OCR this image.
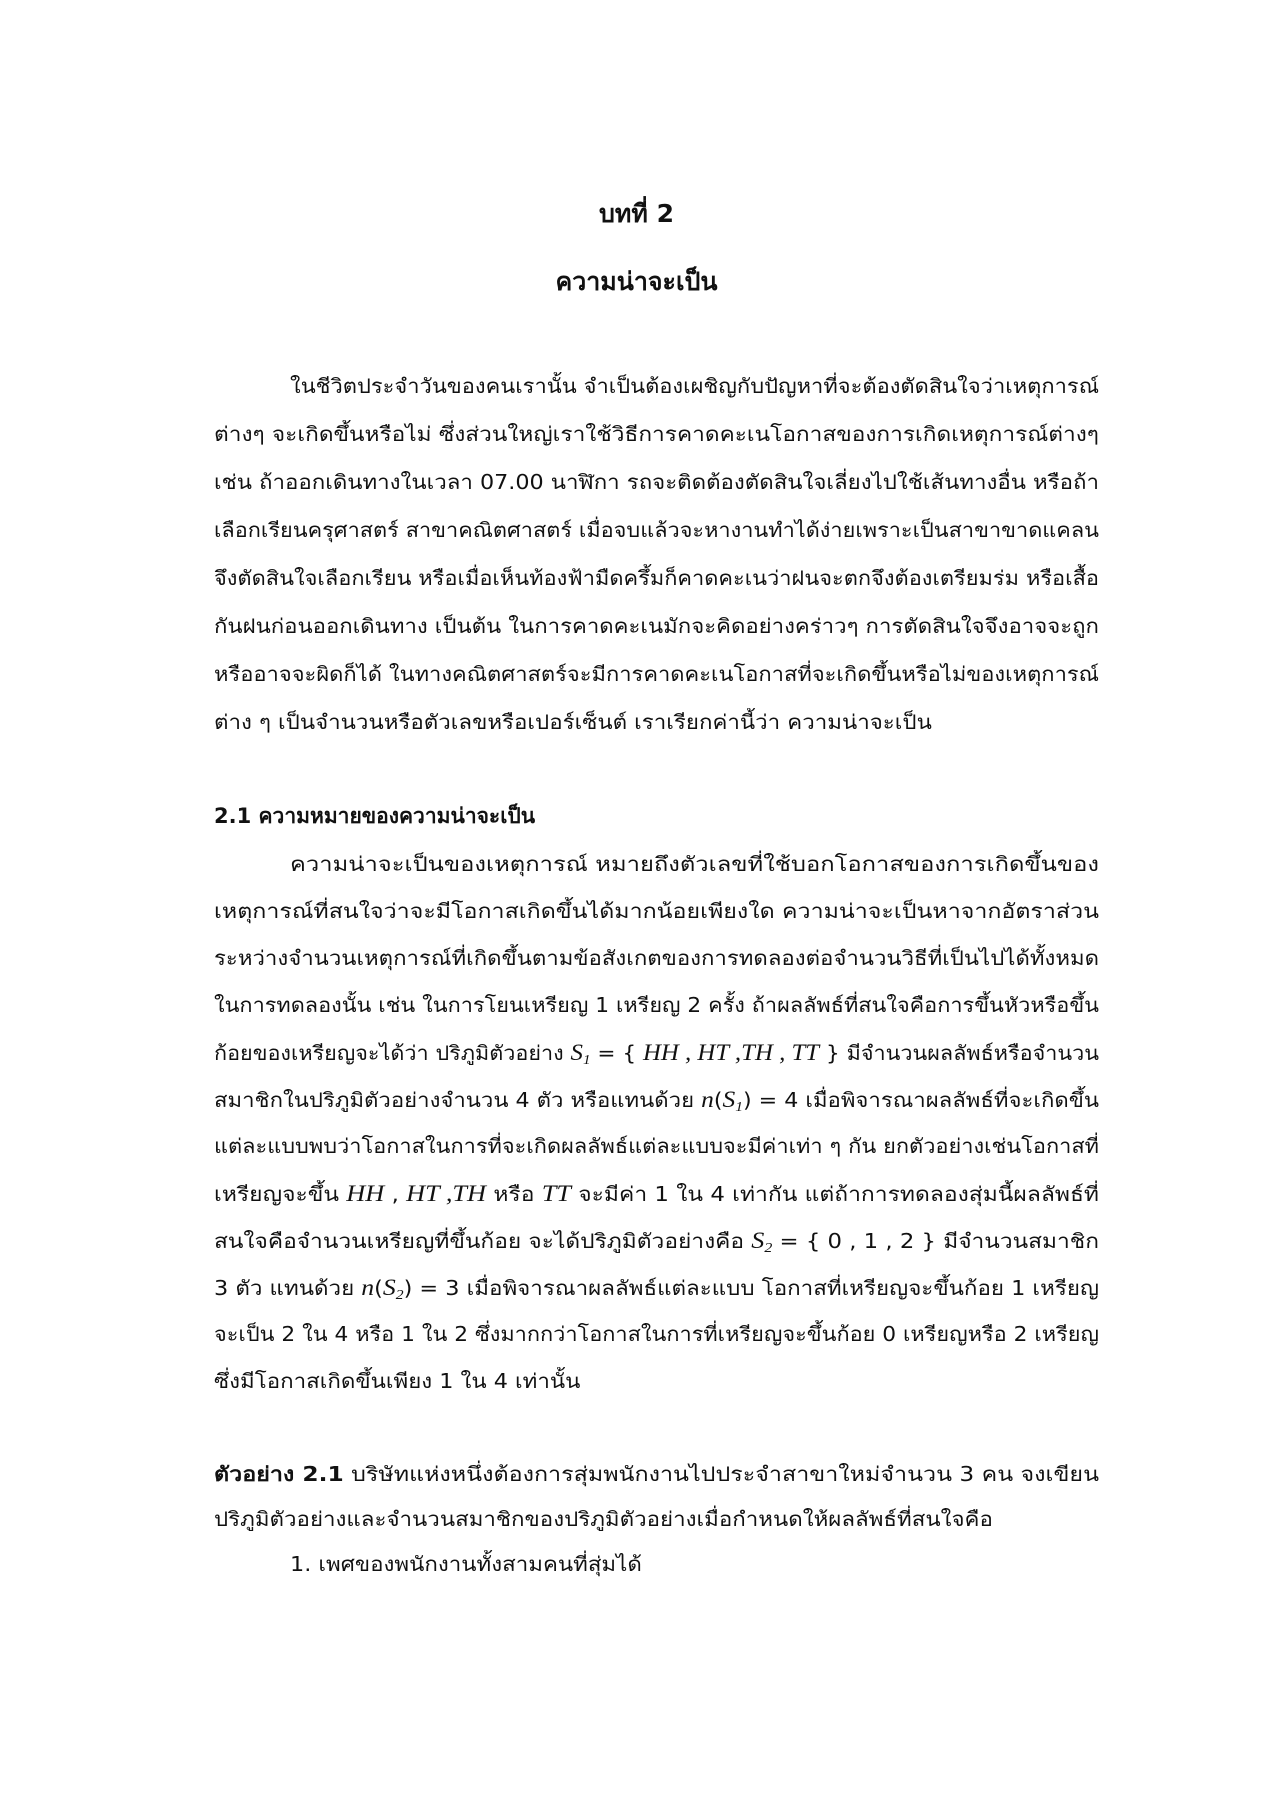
บทที่ 2
ความน่าจะเป็น
ในชีวิตประจำวันของคนเรานั้น จำเป็นต้องเผชิญกับปัญหาที่จะต้องตัดสินใจว่าเหตุการณ์
ต่างๆ จะเกิดขึ้นหรือไม่ ซึ่งส่วนใหญ่เราใช้วิธีการคาดคะเนโอกาสของการเกิดเหตุการณ์ต่างๆ
เช่น ถ้าออกเดินทางในเวลา 07.00 นาฬิกา รถจะติดต้องตัดสินใจเลี่ยงไปใช้เส้นทางอื่น หรือถ้า
เลือกเรียนครุศาสตร์ สาขาคณิตศาสตร์ เมื่อจบแล้วจะหางานทำได้ง่ายเพราะเป็นสาขาขาดแคลน
จึงตัดสินใจเลือกเรียน หรือเมื่อเห็นท้องฟ้ามืดครึ้มก็คาดคะเนว่าฝนจะตกจึงต้องเตรียมร่ม หรือเสื้อ
กันฝนก่อนออกเดินทาง เป็นต้น ในการคาดคะเนมักจะคิดอย่างคร่าวๆ การตัดสินใจจึงอาจจะถูก
หรืออาจจะผิดก็ได้ ในทางคณิตศาสตร์จะมีการคาดคะเนโอกาสที่จะเกิดขึ้นหรือไม่ของเหตุการณ์
ต่าง ๆ เป็นจำนวนหรือตัวเลขหรือเปอร์เซ็นต์ เราเรียกค่านี้ว่า ความน่าจะเป็น
2.1 ความหมายของความน่าจะเป็น
ความน่าจะเป็นของเหตุการณ์ หมายถึงตัวเลขที่ใช้บอกโอกาสของการเกิดขึ้นของ
เหตุการณ์ที่สนใจว่าจะมีโอกาสเกิดขึ้นได้มากน้อยเพียงใด ความน่าจะเป็นหาจากอัตราส่วน
ระหว่างจำนวนเหตุการณ์ที่เกิดขึ้นตามข้อสังเกตของการทดลองต่อจำนวนวิธีที่เป็นไปได้ทั้งหมด
ในการทดลองนั้น เช่น ในการโยนเหรียญ 1 เหรียญ 2 ครั้ง ถ้าผลลัพธ์ที่สนใจคือการขึ้นหัวหรือขึ้น
ก้อยของเหรียญจะได้ว่า ปริภูมิตัวอย่าง $S_1$ = { HH , HT ,TH , TT } มีจำนวนผลลัพธ์หรือจำนวน
สมาชิกในปริภูมิตัวอย่างจำนวน 4 ตัว หรือแทนด้วย $n(S_1) = 4$ เมื่อพิจารณาผลลัพธ์ที่จะเกิดขึ้น
แต่ละแบบพบว่าโอกาสในการที่จะเกิดผลลัพธ์แต่ละแบบจะมีค่าเท่า ๆ กัน ยกตัวอย่างเช่นโอกาสที่
เหรียญจะขึ้น HH , HT ,TH หรือ TT จะมีค่า 1 ใน 4 เท่ากัน แต่ถ้าการทดลองสุ่มนี้ผลลัพธ์ที่
สนใจคือจำนวนเหรียญที่ขึ้นก้อย จะได้ปริภูมิตัวอย่างคือ $S_2$ = { 0 , 1 , 2 } มีจำนวนสมาชิก
3 ตัว แทนด้วย $n(S_2) = 3$ เมื่อพิจารณาผลลัพธ์แต่ละแบบ โอกาสที่เหรียญจะขึ้นก้อย 1 เหรียญ
จะเป็น 2 ใน 4 หรือ 1 ใน 2 ซึ่งมากกว่าโอกาสในการที่เหรียญจะขึ้นก้อย 0 เหรียญหรือ 2 เหรียญ
ซึ่งมีโอกาสเกิดขึ้นเพียง 1 ใน 4 เท่านั้น
ตัวอย่าง 2.1 บริษัทแห่งหนึ่งต้องการสุ่มพนักงานไปประจำสาขาใหม่จำนวน 3 คน จงเขียน
ปริภูมิตัวอย่างและจำนวนสมาชิกของปริภูมิตัวอย่างเมื่อกำหนดให้ผลลัพธ์ที่สนใจคือ
1. เพศของพนักงานทั้งสามคนที่สุ่มได้
